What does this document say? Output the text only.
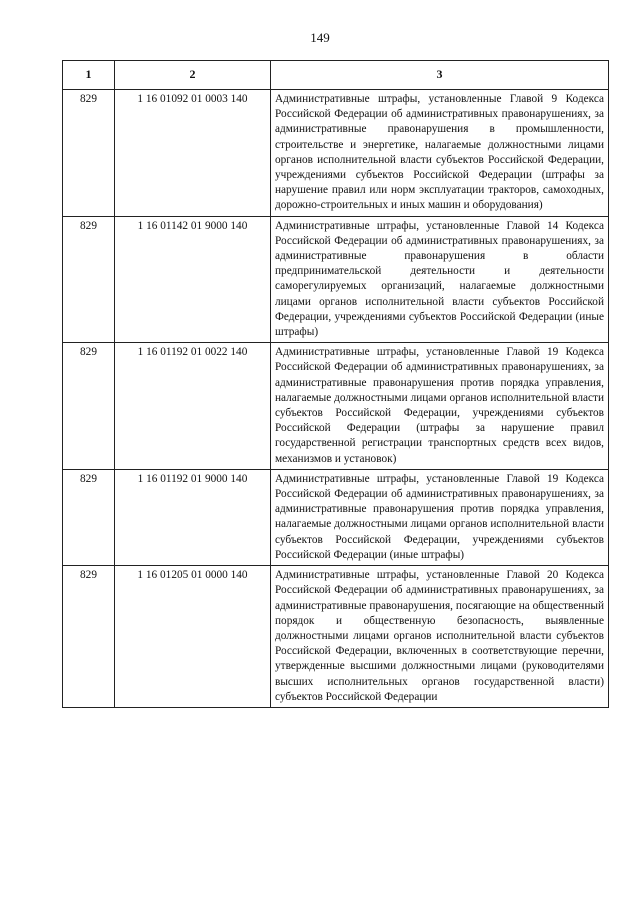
149
1	2	3
829	1 16 01092 01 0003 140	Административные штрафы, установленные Главой 9 Кодекса Российской Федерации об административных правонарушениях, за административные правонарушения в промышленности, строительстве и энергетике, налагаемые должностными лицами органов исполнительной власти субъектов Российской Федерации, учреждениями субъектов Российской Федерации (штрафы за нарушение правил или норм эксплуатации тракторов, самоходных, дорожно-строительных и иных машин и оборудования)
829	1 16 01142 01 9000 140	Административные штрафы, установленные Главой 14 Кодекса Российской Федерации об административных правонарушениях, за административные правонарушения в области предпринимательской деятельности и деятельности саморегулируемых организаций, налагаемые должностными лицами органов исполнительной власти субъектов Российской Федерации, учреждениями субъектов Российской Федерации (иные штрафы)
829	1 16 01192 01 0022 140	Административные штрафы, установленные Главой 19 Кодекса Российской Федерации об административных правонарушениях, за административные правонарушения против порядка управления, налагаемые должностными лицами органов исполнительной власти субъектов Российской Федерации, учреждениями субъектов Российской Федерации (штрафы за нарушение правил государственной регистрации транспортных средств всех видов, механизмов и установок)
829	1 16 01192 01 9000 140	Административные штрафы, установленные Главой 19 Кодекса Российской Федерации об административных правонарушениях, за административные правонарушения против порядка управления, налагаемые должностными лицами органов исполнительной власти субъектов Российской Федерации, учреждениями субъектов Российской Федерации (иные штрафы)
829	1 16 01205 01 0000 140	Административные штрафы, установленные Главой 20 Кодекса Российской Федерации об административных правонарушениях, за административные правонарушения, посягающие на общественный порядок и общественную безопасность, выявленные должностными лицами органов исполнительной власти субъектов Российской Федерации, включенных в соответствующие перечни, утвержденные высшими должностными лицами (руководителями высших исполнительных органов государственной власти) субъектов Российской Федерации
